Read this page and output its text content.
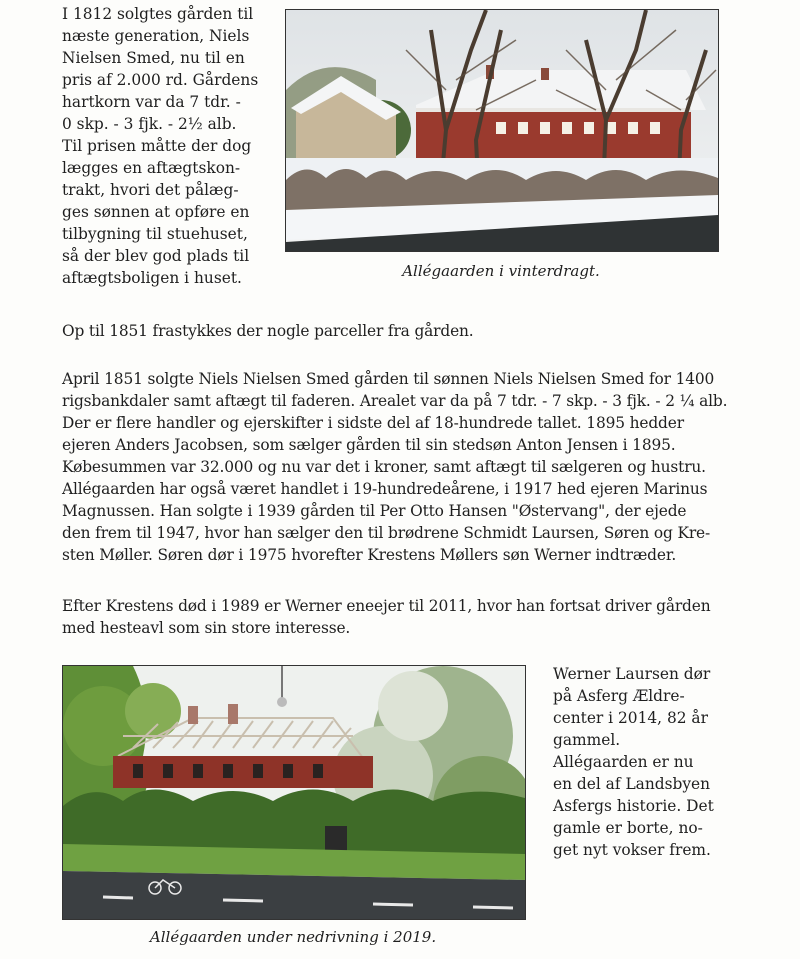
I 1812 solgtes gården til

næste generation, Niels

Nielsen Smed, nu til en

pris af 2.000 rd. Gårdens

hartkorn var da 7 tdr. -

0 skp. - 3 fjk. - 2½ alb.

Til prisen måtte der dog

lægges en aftægtskon-

trakt, hvori det pålæg-

ges sønnen at opføre en

tilbygning til stuehuset,

så der blev god plads til

aftægtsboligen i huset.	Allégaarden i vinterdragt.

Op til 1851 frastykkes der nogle parceller fra gården.

April 1851 solgte Niels Nielsen Smed gården til sønnen Niels Nielsen Smed for 1400

rigsbankdaler samt aftægt til faderen. Arealet var da på 7 tdr. - 7 skp. - 3 fjk. - 2 ¼ alb.

Der er flere handler og ejerskifter i sidste del af 18-hundrede tallet. 1895 hedder

ejeren Anders Jacobsen, som sælger gården til sin stedsøn Anton Jensen i 1895.

Købesummen var 32.000 og nu var det i kroner, samt aftægt til sælgeren og hustru.

Allégaarden har også været handlet i 19-hundredeårene, i 1917 hed ejeren Marinus

Magnussen. Han solgte i 1939 gården til Per Otto Hansen "Østervang", der ejede

den frem til 1947, hvor han sælger den til brødrene Schmidt Laursen, Søren og Kre-

sten Møller. Søren dør i 1975 hvorefter Krestens Møllers søn Werner indtræder.

Efter Krestens død i 1989 er Werner eneejer til 2011, hvor han fortsat driver gården

med hesteavl som sin store interesse.

Werner Laursen dør

på Asferg Ældre-

center i 2014, 82 år

gammel.

Allégaarden er nu

en del af Landsbyen

Asfergs historie. Det

gamle er borte, no-

get nyt vokser frem.

Allégaarden under nedrivning i 2019.
